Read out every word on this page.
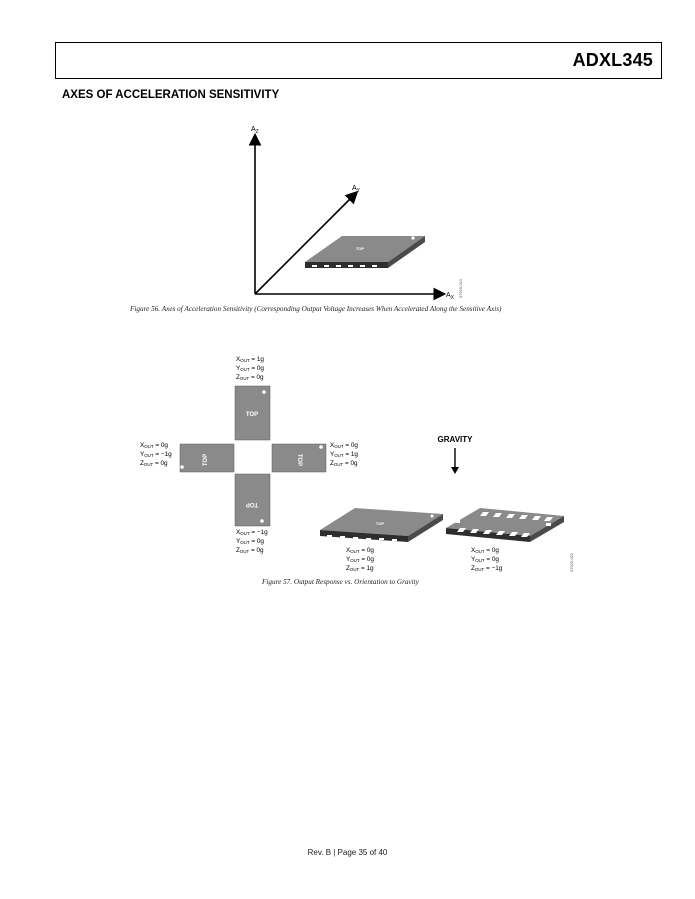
ADXL345
AXES OF ACCELERATION SENSITIVITY
$A_Z$
$A_Y$
$A_X$
TOP
07925-021
Figure 56. Axes of Acceleration Sensitivity (Corresponding Output Voltage Increases When Accelerated Along the Sensitive Axis)
TOP
TOP	TOP
TOP
TOP
GRAVITY
07925-022
XOUT = 1g
YOUT = 0g
ZOUT = 0g
XOUT = 0g
YOUT = −1g
ZOUT = 0g
XOUT = 0g
YOUT = 1g
ZOUT = 0g
XOUT = −1g
YOUT = 0g
ZOUT = 0g	XOUT = 0g
YOUT = 0g
ZOUT = 1g
XOUT = 0g
YOUT = 0g
ZOUT = −1g
Figure 57. Output Response vs. Orientation to Gravity
Rev. B | Page 35 of 40
